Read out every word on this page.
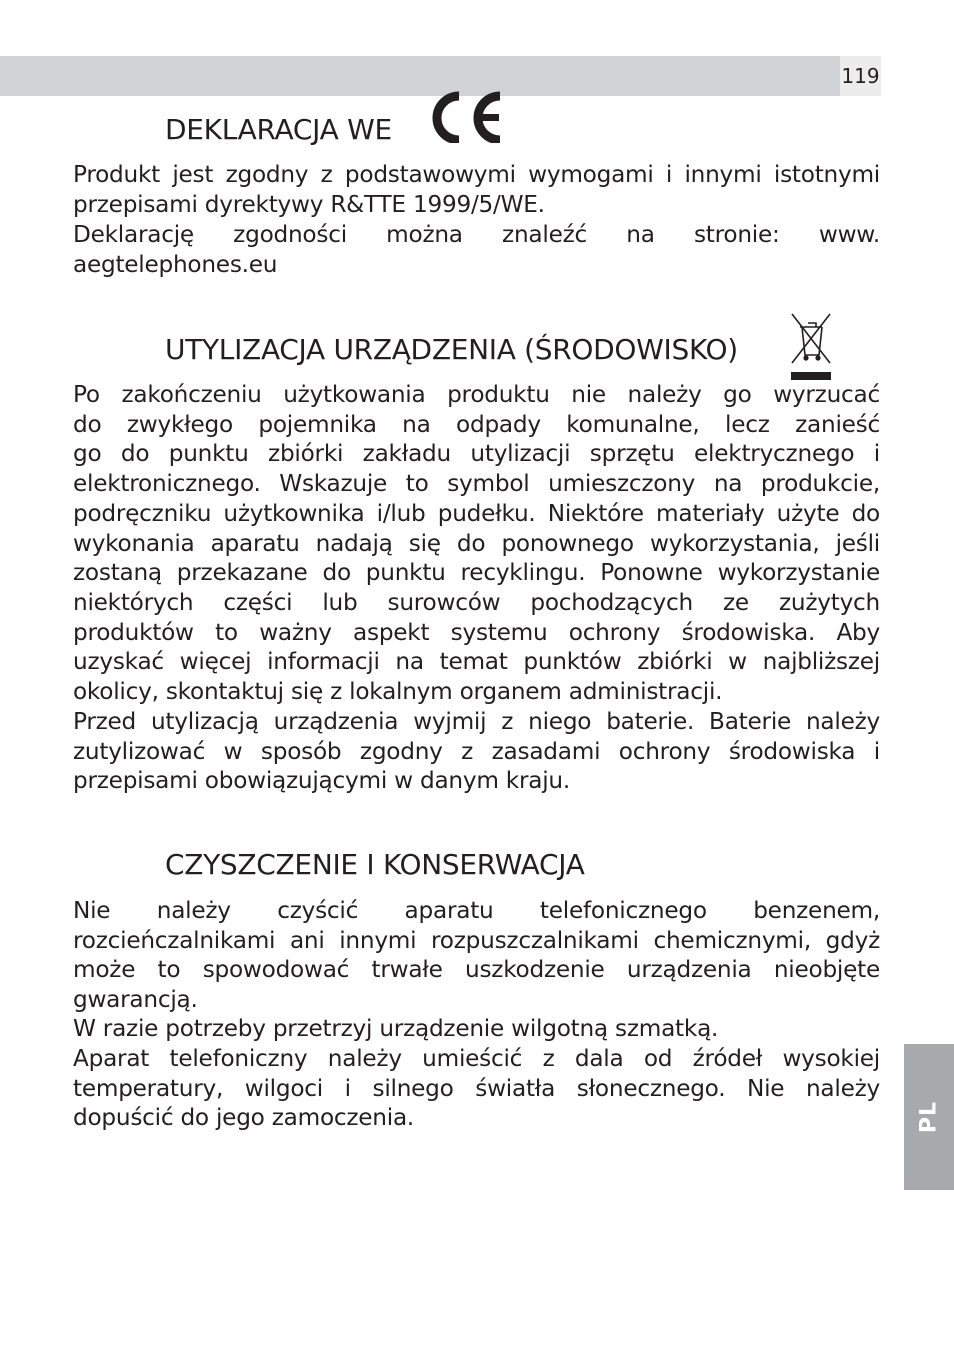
119
DEKLARACJA WE
Produkt jest zgodny z podstawowymi wymogami i innymi istotnymi
przepisami dyrektywy R&TTE 1999/5/WE.
Deklarację zgodności można znaleźć na stronie: www.
aegtelephones.eu
UTYLIZACJA URZĄDZENIA (ŚRODOWISKO)
Po zakończeniu użytkowania produktu nie należy go wyrzucać
do zwykłego pojemnika na odpady komunalne, lecz zanieść
go do punktu zbiórki zakładu utylizacji sprzętu elektrycznego i
elektronicznego. Wskazuje to symbol umieszczony na produkcie,
podręczniku użytkownika i/lub pudełku. Niektóre materiały użyte do
wykonania aparatu nadają się do ponownego wykorzystania, jeśli
zostaną przekazane do punktu recyklingu. Ponowne wykorzystanie
niektórych części lub surowców pochodzących ze zużytych
produktów to ważny aspekt systemu ochrony środowiska. Aby
uzyskać więcej informacji na temat punktów zbiórki w najbliższej
okolicy, skontaktuj się z lokalnym organem administracji.
Przed utylizacją urządzenia wyjmij z niego baterie. Baterie należy
zutylizować w sposób zgodny z zasadami ochrony środowiska i
przepisami obowiązującymi w danym kraju.
CZYSZCZENIE I KONSERWACJA
Nie należy czyścić aparatu telefonicznego benzenem,
rozcieńczalnikami ani innymi rozpuszczalnikami chemicznymi, gdyż
może to spowodować trwałe uszkodzenie urządzenia nieobjęte
gwarancją.
W razie potrzeby przetrzyj urządzenie wilgotną szmatką.
Aparat telefoniczny należy umieścić z dala od źródeł wysokiej
temperatury, wilgoci i silnego światła słonecznego. Nie należy
dopuścić do jego zamoczenia.	PL
